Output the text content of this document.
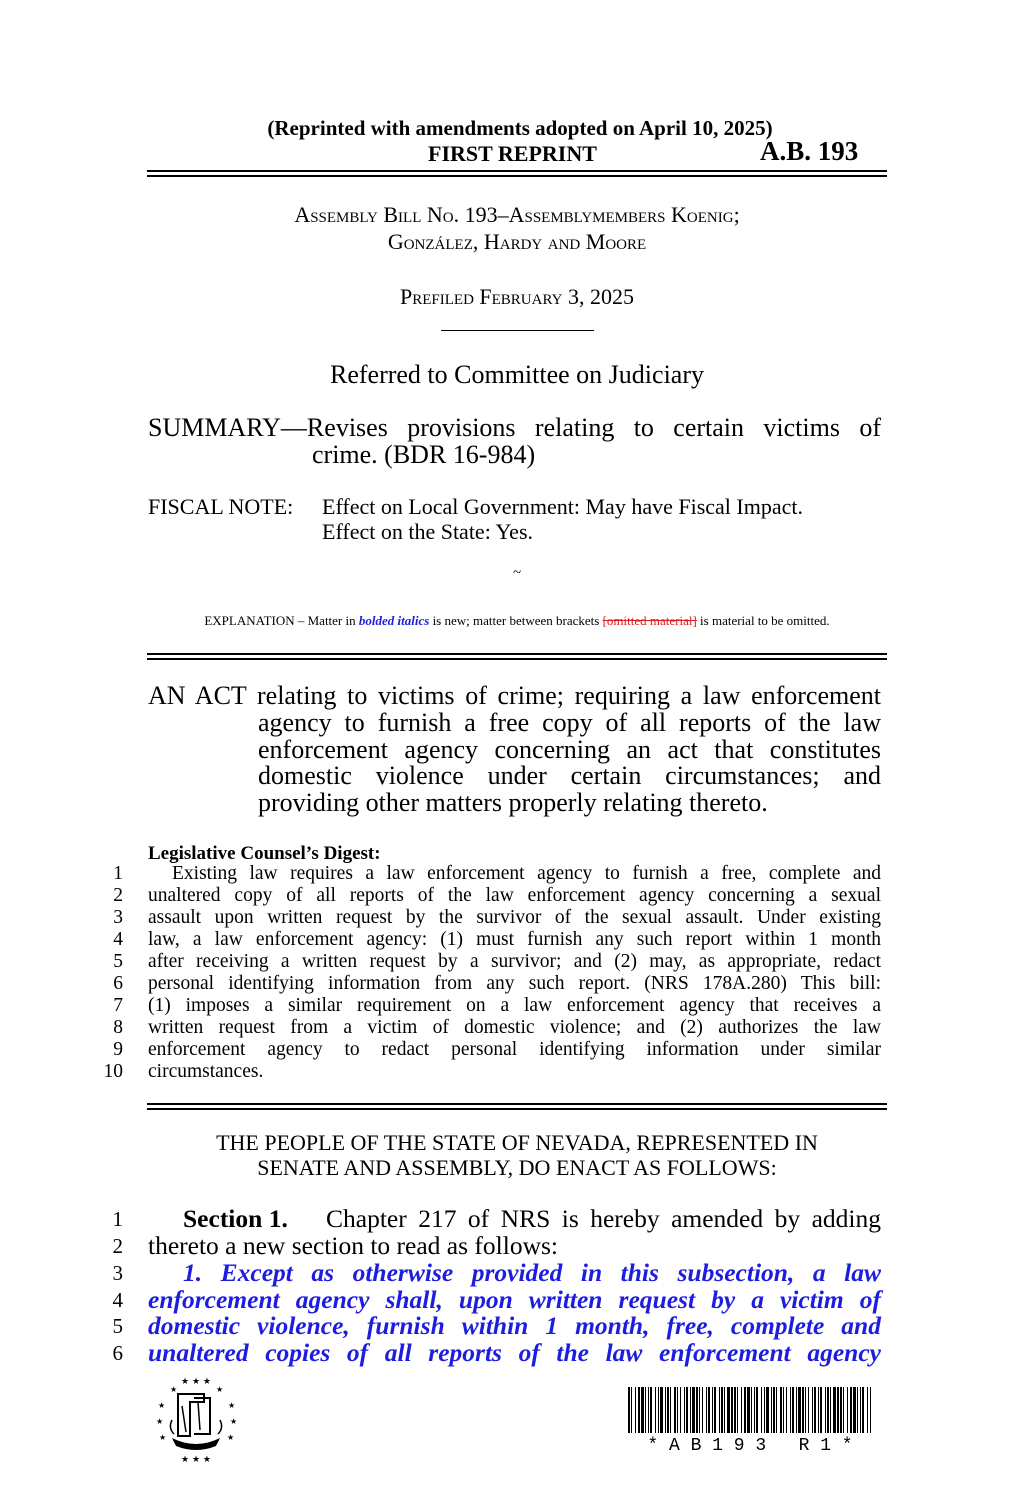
(Reprinted with amendments adopted on April 10, 2025)
FIRST REPRINT	A.B. 193
Assembly Bill No. 193–Assemblymembers Koenig;
González, Hardy and Moore
Prefiled February 3, 2025
Referred to Committee on Judiciary
SUMMARY—Revises provisions relating to certain victims of
crime. (BDR 16-984)
FISCAL NOTE: Effect on Local Government: May have Fiscal Impact.
Effect on the State: Yes.
~
EXPLANATION – Matter in bolded italics is new; matter between brackets [omitted material] is material to be omitted.
AN ACT relating to victims of crime; requiring a law enforcement
agency to furnish a free copy of all reports of the law
enforcement agency concerning an act that constitutes
domestic violence under certain circumstances; and
providing other matters properly relating thereto.
Legislative Counsel’s Digest:
1	Existing law requires a law enforcement agency to furnish a free, complete and
2 unaltered copy of all reports of the law enforcement agency concerning a sexual
3 assault upon written request by the survivor of the sexual assault. Under existing
4 law, a law enforcement agency: (1) must furnish any such report within 1 month
5 after receiving a written request by a survivor; and (2) may, as appropriate, redact
6 personal identifying information from any such report. (NRS 178A.280) This bill:
7 (1) imposes a similar requirement on a law enforcement agency that receives a
8 written request from a victim of domestic violence; and (2) authorizes the law
9 enforcement agency to redact personal identifying information under similar
10 circumstances.
THE PEOPLE OF THE STATE OF NEVADA, REPRESENTED IN
SENATE AND ASSEMBLY, DO ENACT AS FOLLOWS:
1 Section 1. Chapter 217 of NRS is hereby amended by adding
2 thereto a new section to read as follows:
3 1. Except as otherwise provided in this subsection, a law
4 enforcement agency shall, upon written request by a victim of
5 domestic violence, furnish within 1 month, free, complete and
6 unaltered copies of all reports of the law enforcement agency
★ ★ ★
★
★
★
★
★
★
★ ★ ★
★	★
* A B 1 9 3   R 1 *
